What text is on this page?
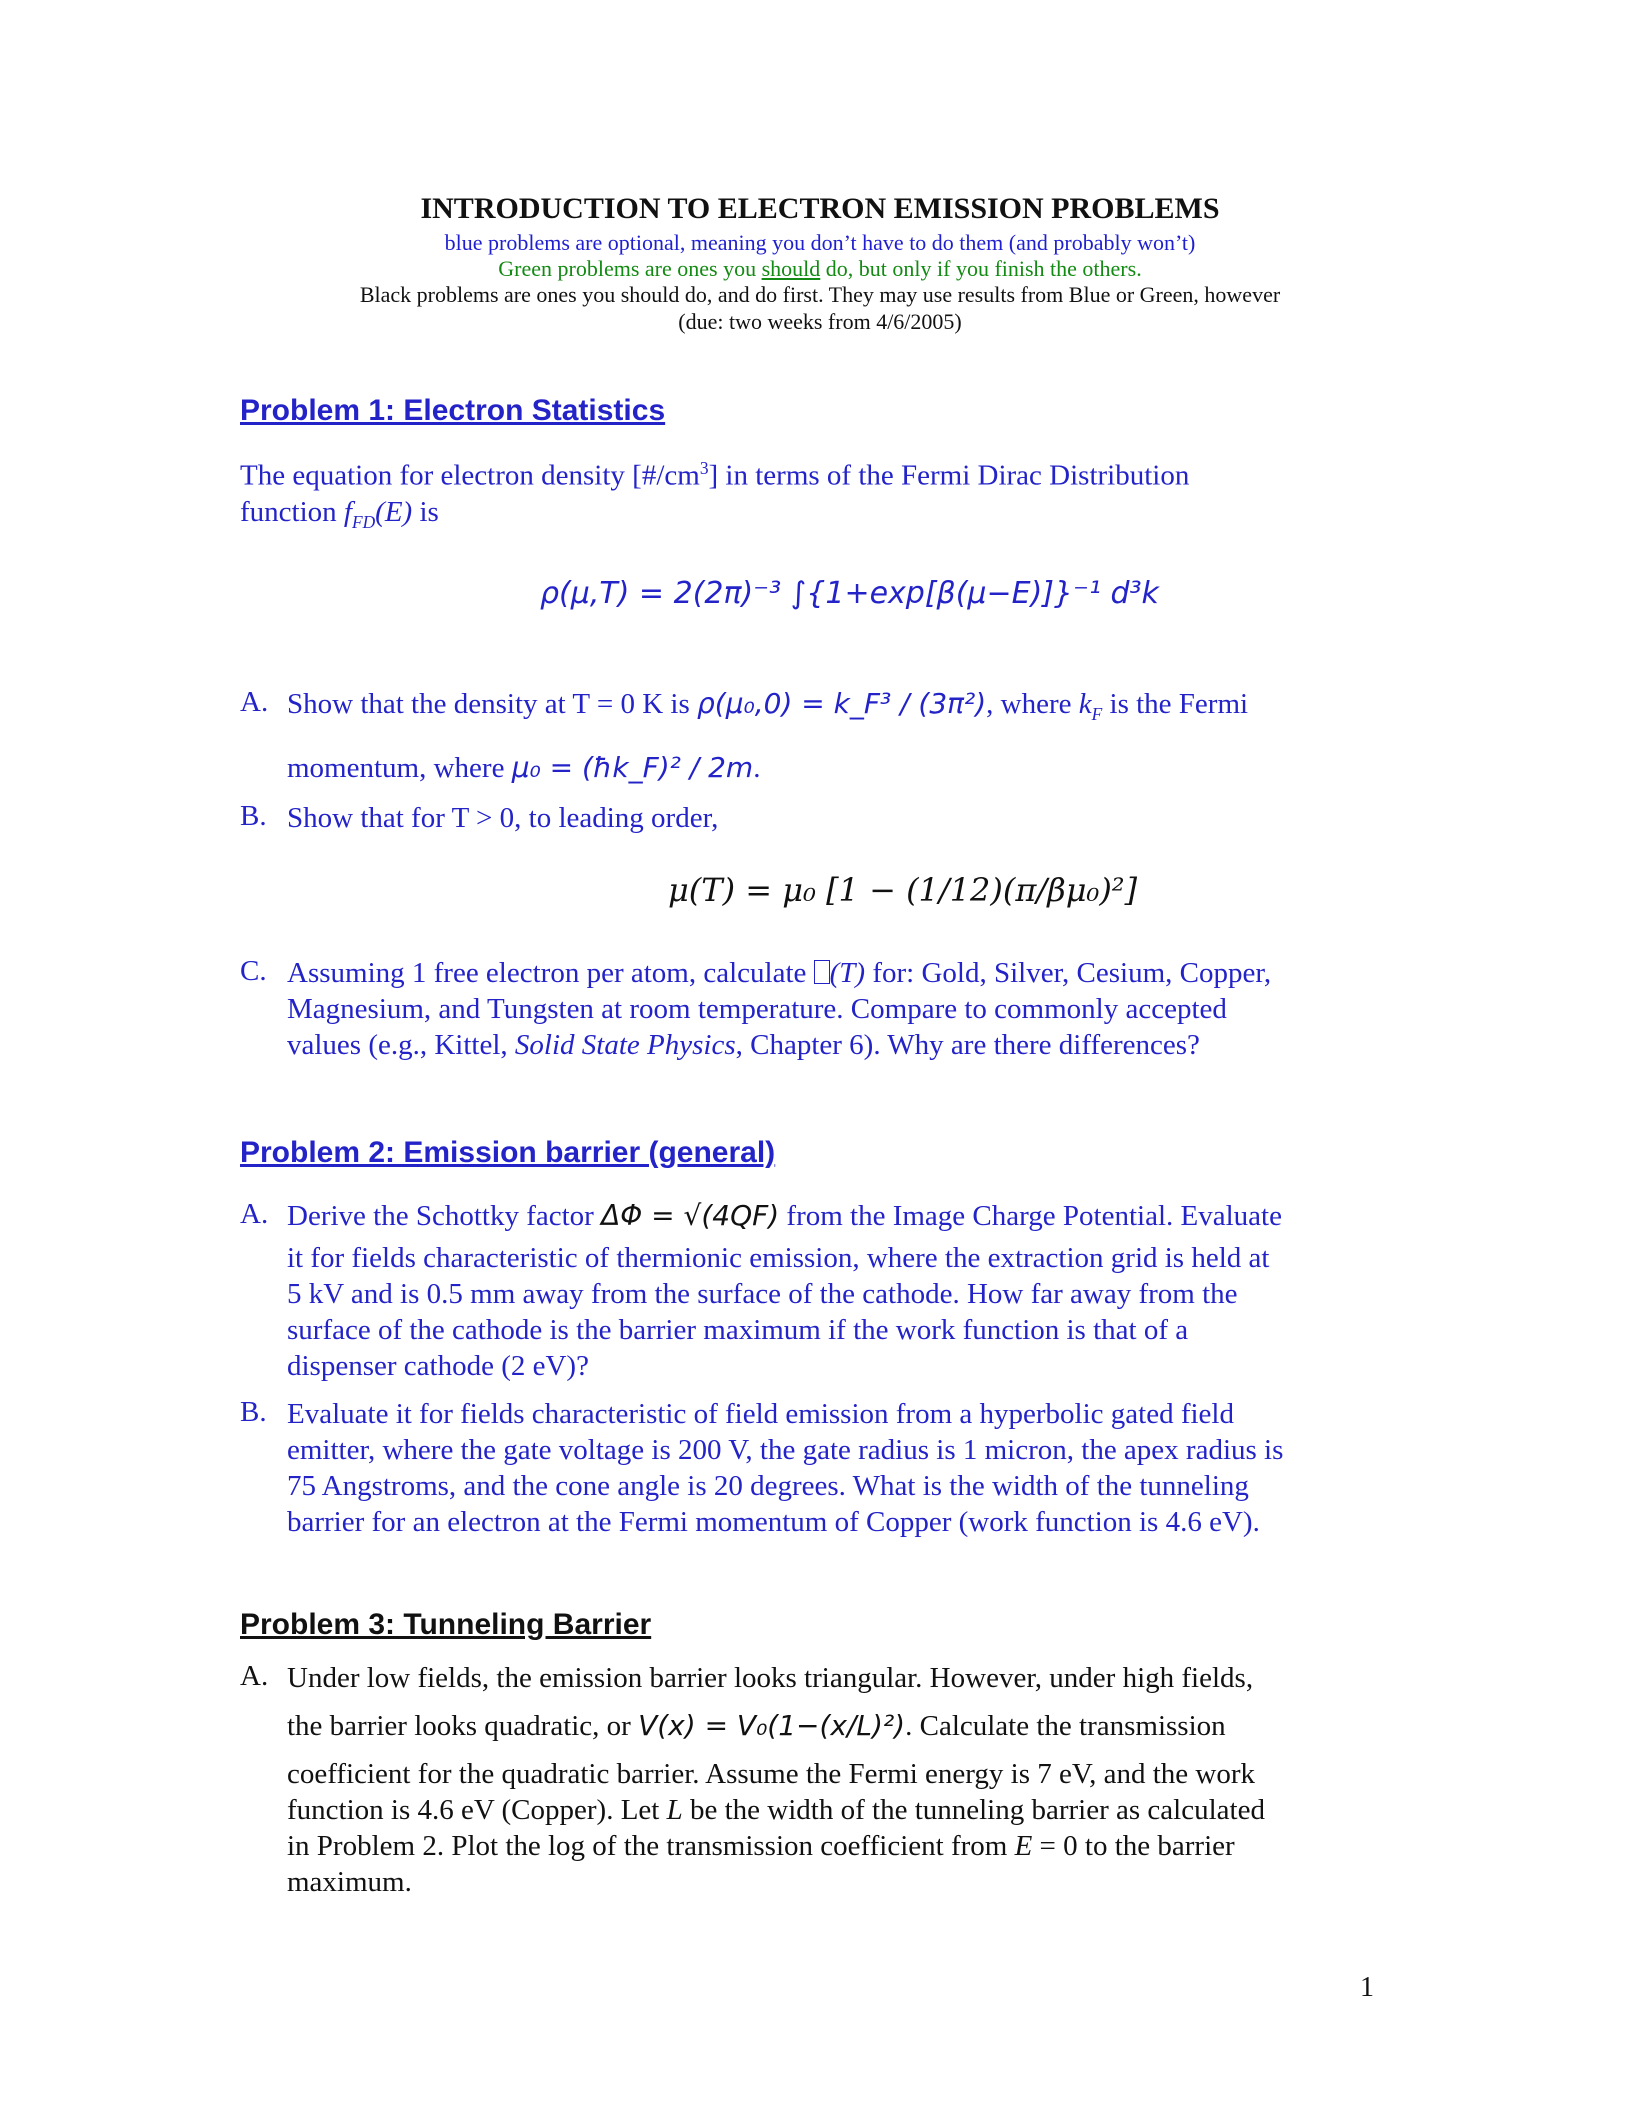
INTRODUCTION TO ELECTRON EMISSION PROBLEMS
blue problems are optional, meaning you don’t have to do them (and probably won’t)
Green problems are ones you should do, but only if you finish the others.
Black problems are ones you should do, and do first. They may use results from Blue or Green, however
(due: two weeks from 4/6/2005)
Problem 1: Electron Statistics
The equation for electron density $[\#/cm^3]$ in terms of the Fermi Dirac Distribution
function $f_{FD}(E)$ is
ρ(μ,T) = 2(2π)⁻³ ∫{1+exp[β(μ−E)]}⁻¹ d³k
A. Show that the density at T = 0 K is ρ(μ₀,0) = k_F³ / (3π²), where $k_F$ is the Fermi
momentum, where μ₀ = (ħk_F)² / 2m.
B. Show that for T > 0, to leading order,
μ(T) = μ₀ [1 − (1/12)(π/βμ₀)²]
C. Assuming 1 free electron per atom, calculate (T) for: Gold, Silver, Cesium, Copper,
Magnesium, and Tungsten at room temperature. Compare to commonly accepted
values (e.g., Kittel, Solid State Physics, Chapter 6). Why are there differences?
Problem 2: Emission barrier (general)
A. Derive the Schottky factor ΔΦ = √(4QF) from the Image Charge Potential. Evaluate
it for fields characteristic of thermionic emission, where the extraction grid is held at
5 kV and is 0.5 mm away from the surface of the cathode. How far away from the
surface of the cathode is the barrier maximum if the work function is that of a
dispenser cathode (2 eV)?
B. Evaluate it for fields characteristic of field emission from a hyperbolic gated field
emitter, where the gate voltage is 200 V, the gate radius is 1 micron, the apex radius is
75 Angstroms, and the cone angle is 20 degrees. What is the width of the tunneling
barrier for an electron at the Fermi momentum of Copper (work function is 4.6 eV).
Problem 3: Tunneling Barrier
A. Under low fields, the emission barrier looks triangular. However, under high fields,
the barrier looks quadratic, or V(x) = V₀(1−(x/L)²). Calculate the transmission
coefficient for the quadratic barrier. Assume the Fermi energy is 7 eV, and the work
function is 4.6 eV (Copper). Let L be the width of the tunneling barrier as calculated
in Problem 2. Plot the log of the transmission coefficient from E = 0 to the barrier
maximum.
1
